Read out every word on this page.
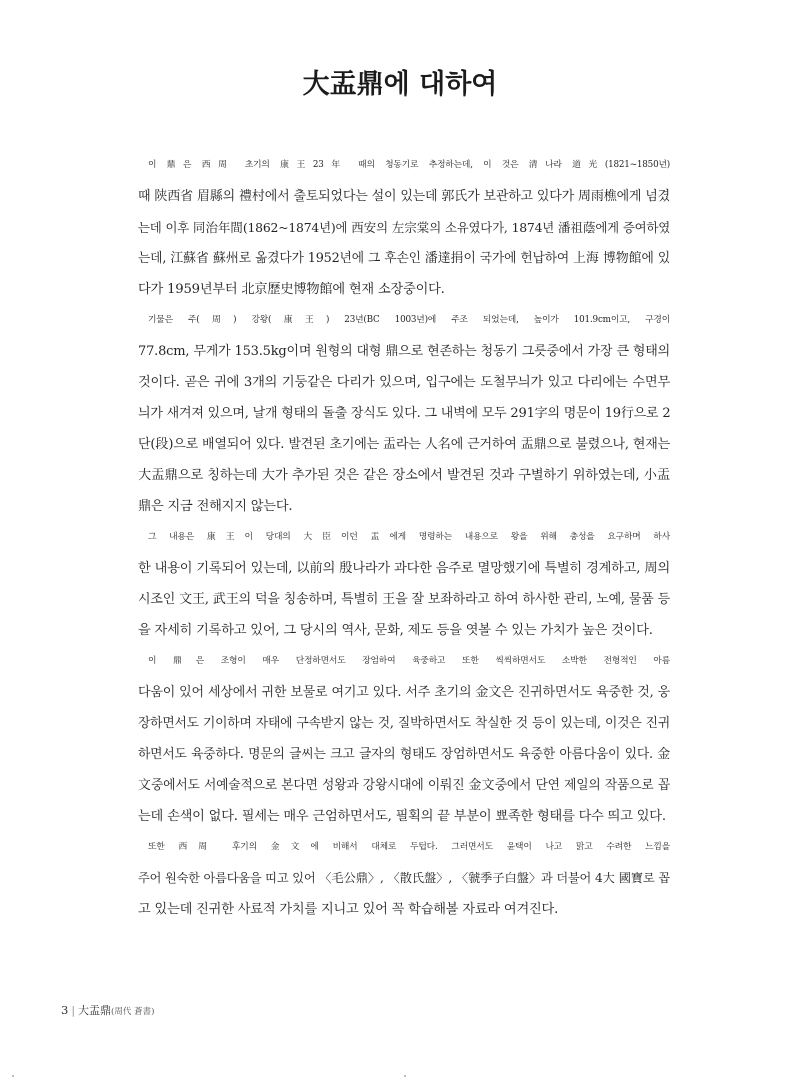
大盂鼎에 대하여
이 鼎은 西周 초기의 康王23年 때의 청동기로 추정하는데, 이 것은 清나라 道光(1821~1850년)
때 陕西省 眉縣의 禮村에서 출토되었다는 설이 있는데 郭氏가 보관하고 있다가 周雨樵에게 넘겼
는데 이후 同治年間(1862~1874년)에 西安의 左宗棠의 소유였다가, 1874년 潘祖蔭에게 증여하였
는데, 江蘇省 蘇州로 옮겼다가 1952년에 그 후손인 潘達捐이 국가에 헌납하여 上海 博物館에 있
다가 1959년부터 北京歷史博物館에 현재 소장중이다.
기물은 주(周) 강왕(康王) 23년(BC 1003년)에 주조 되었는데, 높이가 101.9cm이고, 구경이
77.8cm, 무게가 153.5kg이며 원형의 대형 鼎으로 현존하는 청동기 그릇중에서 가장 큰 형태의
것이다. 곧은 귀에 3개의 기둥같은 다리가 있으며, 입구에는 도철무늬가 있고 다리에는 수면무
늬가 새겨져 있으며, 날개 형태의 돌출 장식도 있다. 그 내벽에 모두 291字의 명문이 19行으로 2
단(段)으로 배열되어 있다. 발견된 초기에는 盂라는 人名에 근거하여 盂鼎으로 불렸으나, 현재는
大盂鼎으로 칭하는데 大가 추가된 것은 같은 장소에서 발견된 것과 구별하기 위하였는데, 小盂
鼎은 지금 전해지지 않는다.
그 내용은 康王이 당대의 大臣이던 盂에게 명령하는 내용으로 왕을 위해 충성을 요구하며 하사
한 내용이 기록되어 있는데, 以前의 殷나라가 과다한 음주로 멸망했기에 특별히 경계하고, 周의
시조인 文王, 武王의 덕을 칭송하며, 특별히 王을 잘 보좌하라고 하여 하사한 관리, 노예, 물품 등
을 자세히 기록하고 있어, 그 당시의 역사, 문화, 제도 등을 엿볼 수 있는 가치가 높은 것이다.
이 鼎은 조형이 매우 단정하면서도 장엄하여 육중하고 또한 씩씩하면서도 소박한 전형적인 아름
다움이 있어 세상에서 귀한 보물로 여기고 있다. 서주 초기의 金文은 진귀하면서도 육중한 것, 웅
장하면서도 기이하며 자태에 구속받지 않는 것, 질박하면서도 착실한 것 등이 있는데, 이것은 진귀
하면서도 육중하다. 명문의 글씨는 크고 글자의 형태도 장엄하면서도 육중한 아름다움이 있다. 金
文중에서도 서예술적으로 본다면 성왕과 강왕시대에 이뤄진 金文중에서 단연 제일의 작품으로 꼽
는데 손색이 없다. 필세는 매우 근엄하면서도, 필획의 끝 부분이 뾰족한 형태를 다수 띄고 있다.
또한 西周 후기의 金文에 비해서 대체로 두텁다. 그러면서도 윤택이 나고 맑고 수려한 느낌을
주어 원숙한 아름다움을 띠고 있어 〈毛公鼎〉, 〈散氏盤〉, 〈虢季子白盤〉과 더불어 4大 國寶로 꼽
고 있는데 진귀한 사료적 가치를 지니고 있어 꼭 학습해볼 자료라 여겨진다.
3 | 大盂鼎(周代 蒼書)
